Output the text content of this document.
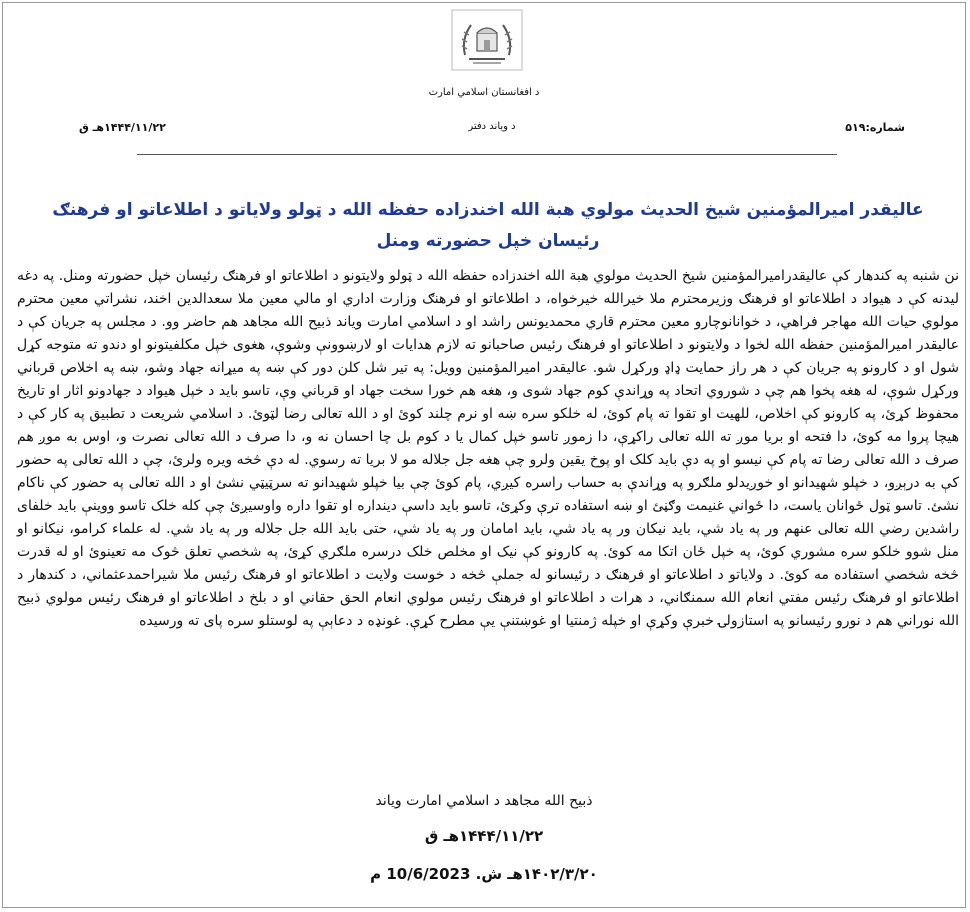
د افغانستان اسلامي امارت
شماره:۵۱۹
د ویاند دفتر
۱۴۴۴/۱۱/۲۲هـ ق
عالیقدر امیرالمؤمنین شیخ الحدیث مولوي هبة الله اخندزاده حفظه الله د ټولو ولایاتو د اطلاعاتو او فرهنګ رئیسان خپل حضورته ومنل
نن شنبه په کندهار کې عالیقدرامیرالمؤمنین شیخ الحدیث مولوي هبة الله اخندزاده حفظه الله د ټولو ولایتونو د اطلاعاتو او فرهنګ رئیسان خپل حضورته ومنل. په دغه لیدنه کې د هیواد د اطلاعاتو او فرهنګ وزیرمحترم ملا خیرالله خیرخواه، د اطلاعاتو او فرهنګ وزارت اداري او مالي معین ملا سعدالدین اخند، نشراتي معین محترم مولوي حیات الله مهاجر فراهي، د خوانانوچارو معین محترم قاري محمدیونس راشد او د اسلامي امارت ویاند ذبیح الله مجاهد هم حاضر وو. د مجلس په جریان کې د عالیقدر امیرالمؤمنین حفظه الله لخوا د ولایتونو د اطلاعاتو او فرهنګ رئیس صاحبانو ته لازم هدایات او لارښوونې وشوې، هغوی خپل مکلفیتونو او دندو ته متوجه کړل شول او د کارونو په جریان کې د هر راز حمایت ډاډ ورکړل شو. عالیقدر امیرالمؤمنین وویل: په تیر شل کلن دور کې ښه په میړانه جهاد وشو، ښه په اخلاص قرباني ورکړل شوې، له هغه پخوا هم چې د شوروي اتحاد په وړاندې کوم جهاد شوی و، هغه هم خورا سخت جهاد او قرباني وې، تاسو باید د خپل هیواد د جهادونو اثار او تاریخ محفوظ کړئ، په کارونو کې اخلاص، للهیت او تقوا ته پام کوئ، له خلکو سره ښه او نرم چلند کوئ او د الله تعالی رضا لټوئ. د اسلامي شریعت د تطبیق په کار کې د هیچا پروا مه کوئ، دا فتحه او بریا موږ ته الله تعالی راکړې، دا زموږ تاسو خپل کمال یا د کوم بل چا احسان نه و، دا صرف د الله تعالی نصرت و، اوس به موږ هم صرف د الله تعالی رضا ته پام کې نیسو او په دې باید کلک او پوخ یقین ولرو چې هغه جل جلاله مو لا بریا ته رسوي. له دې څخه ویره ولرئ، چې د الله تعالی په حضور کې به درېږو، د خپلو شهیدانو او خوږیدلو ملګرو په وړاندې به حساب راسره کیږي، پام کوئ چې بیا خپلو شهیدانو ته سرټیټي نشئ او د الله تعالی په حضور کې ناکام نشئ. تاسو ټول ځوانان یاست، دا ځواني غنیمت وګڼئ او ښه استفاده ترې وکړئ، تاسو باید داسې دینداره او تقوا داره واوسیږئ چې کله خلک تاسو ووینې باید خلفای راشدین رضي الله تعالی عنهم ور په یاد شي، باید نیکان ور په یاد شي، باید امامان ور په یاد شي، حتی باید الله جل جلاله ور په یاد شي. له علماء کرامو، نیکانو او منل شوو خلکو سره مشوري کوئ، په خپل ځان اتکا مه کوئ. په کارونو کې نیک او مخلص خلک درسره ملګري کړئ، په شخصي تعلق څوک مه تعینوئ او له قدرت څخه شخصي استفاده مه کوئ. د ولایاتو د اطلاعاتو او فرهنګ د رئیسانو له جملې څخه د خوست ولایت د اطلاعاتو او فرهنګ رئیس ملا شیراحمدعثماني، د کندهار د اطلاعاتو او فرهنګ رئیس مفتي انعام الله سمنګاني، د هرات د اطلاعاتو او فرهنګ رئیس مولوي انعام الحق حقاني او د بلخ د اطلاعاتو او فرهنګ رئیس مولوي ذبیح الله نوراني هم د نورو رئیسانو په استازولۍ خبرې وکړې او خپله ژمنتیا او غوښتنې یې مطرح کړې. غونډه د دعاېې په لوستلو سره پای ته ورسیده
ذبیح الله مجاهد د اسلامي امارت ویاند
۱۴۴۴/۱۱/۲۲هـ ق
۱۴۰۲/۳/۲۰هـ ش. 10/6/2023 م
